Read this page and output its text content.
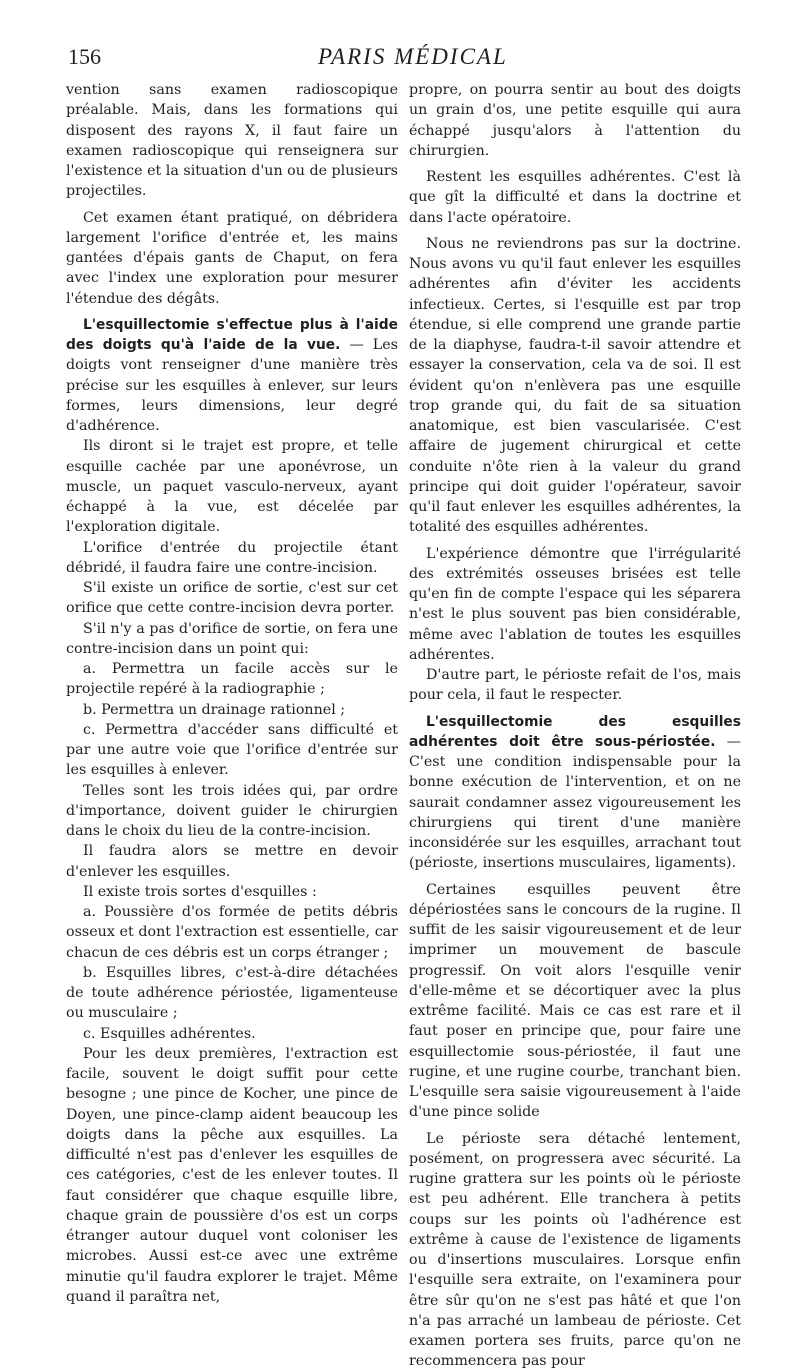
156	PARIS MÉDICAL

vention sans examen radioscopique préalable. Mais, dans les formations qui disposent des rayons X, il faut faire un examen radioscopique qui renseignera sur l'existence et la situation d'un ou de plusieurs projectiles.

Cet examen étant pratiqué, on débridera largement l'orifice d'entrée et, les mains gantées d'épais gants de Chaput, on fera avec l'index une exploration pour mesurer l'étendue des dégâts.

L'esquillectomie s'effectue plus à l'aide des doigts qu'à l'aide de la vue. — Les doigts vont renseigner d'une manière très précise sur les esquilles à enlever, sur leurs formes, leurs dimensions, leur degré d'adhérence.

Ils diront si le trajet est propre, et telle esquille cachée par une aponévrose, un muscle, un paquet vasculo-nerveux, ayant échappé à la vue, est décelée par l'exploration digitale.

L'orifice d'entrée du projectile étant débridé, il faudra faire une contre-incision.

S'il existe un orifice de sortie, c'est sur cet orifice que cette contre-incision devra porter.

S'il n'y a pas d'orifice de sortie, on fera une contre-incision dans un point qui:

a. Permettra un facile accès sur le projectile repéré à la radiographie ;

b. Permettra un drainage rationnel ;

c. Permettra d'accéder sans difficulté et par une autre voie que l'orifice d'entrée sur les esquilles à enlever.

Telles sont les trois idées qui, par ordre d'importance, doivent guider le chirurgien dans le choix du lieu de la contre-incision.

Il faudra alors se mettre en devoir d'enlever les esquilles.

Il existe trois sortes d'esquilles :

a. Poussière d'os formée de petits débris osseux et dont l'extraction est essentielle, car chacun de ces débris est un corps étranger ;

b. Esquilles libres, c'est-à-dire détachées de toute adhérence périostée, ligamenteuse ou musculaire ;

c. Esquilles adhérentes.

Pour les deux premières, l'extraction est facile, souvent le doigt suffit pour cette besogne ; une pince de Kocher, une pince de Doyen, une pince-clamp aident beaucoup les doigts dans la pêche aux esquilles. La difficulté n'est pas d'enlever les esquilles de ces catégories, c'est de les enlever toutes. Il faut considérer que chaque esquille libre, chaque grain de poussière d'os est un corps étranger autour duquel vont coloniser les microbes. Aussi est-ce avec une extrême minutie qu'il faudra explorer le trajet. Même quand il paraîtra net,

propre, on pourra sentir au bout des doigts un grain d'os, une petite esquille qui aura échappé jusqu'alors à l'attention du chirurgien.

Restent les esquilles adhérentes. C'est là que gît la difficulté et dans la doctrine et dans l'acte opératoire.

Nous ne reviendrons pas sur la doctrine. Nous avons vu qu'il faut enlever les esquilles adhérentes afin d'éviter les accidents infectieux. Certes, si l'esquille est par trop étendue, si elle comprend une grande partie de la diaphyse, faudra-t-il savoir attendre et essayer la conservation, cela va de soi. Il est évident qu'on n'enlèvera pas une esquille trop grande qui, du fait de sa situation anatomique, est bien vascularisée. C'est affaire de jugement chirurgical et cette conduite n'ôte rien à la valeur du grand principe qui doit guider l'opérateur, savoir qu'il faut enlever les esquilles adhérentes, la totalité des esquilles adhérentes.

L'expérience démontre que l'irrégularité des extrémités osseuses brisées est telle qu'en fin de compte l'espace qui les séparera n'est le plus souvent pas bien considérable, même avec l'ablation de toutes les esquilles adhérentes.

D'autre part, le périoste refait de l'os, mais pour cela, il faut le respecter.

L'esquillectomie des esquilles adhérentes doit être sous-périostée. — C'est une condition indispensable pour la bonne exécution de l'intervention, et on ne saurait condamner assez vigoureusement les chirurgiens qui tirent d'une manière inconsidérée sur les esquilles, arrachant tout (périoste, insertions musculaires, ligaments).

Certaines esquilles peuvent être dépériostées sans le concours de la rugine. Il suffit de les saisir vigoureusement et de leur imprimer un mouvement de bascule progressif. On voit alors l'esquille venir d'elle-même et se décortiquer avec la plus extrême facilité. Mais ce cas est rare et il faut poser en principe que, pour faire une esquillectomie sous-périostée, il faut une rugine, et une rugine courbe, tranchant bien. L'esquille sera saisie vigoureusement à l'aide d'une pince solide

Le périoste sera détaché lentement, posément, on progressera avec sécurité. La rugine grattera sur les points où le périoste est peu adhérent. Elle tranchera à petits coups sur les points où l'adhérence est extrême à cause de l'existence de ligaments ou d'insertions musculaires. Lorsque enfin l'esquille sera extraite, on l'examinera pour être sûr qu'on ne s'est pas hâté et que l'on n'a pas arraché un lambeau de périoste. Cet examen portera ses fruits, parce qu'on ne recommencera pas pour
